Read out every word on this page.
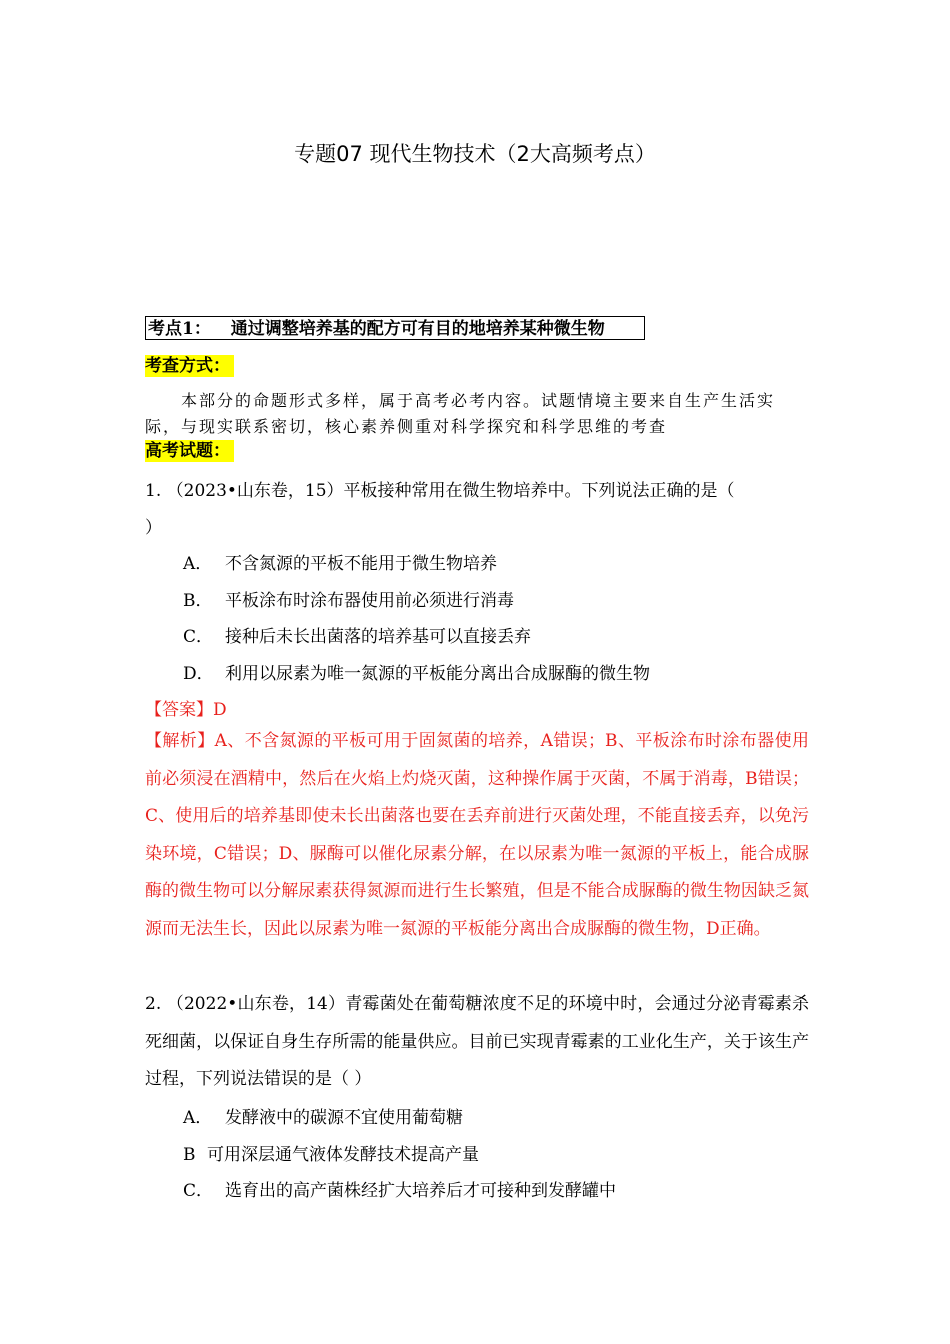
专题07 现代生物技术（2大高频考点）
考点1： 通过调整培养基的配方可有目的地培养某种微生物
考查方式：
本部分的命题形式多样，属于高考必考内容。试题情境主要来自生产生活实际，与现实联系密切，核心素养侧重对科学探究和科学思维的考查
高考试题：
1. （2023•山东卷，15）平板接种常用在微生物培养中。下列说法正确的是（
）
A． 不含氮源的平板不能用于微生物培养
B． 平板涂布时涂布器使用前必须进行消毒
C． 接种后未长出菌落的培养基可以直接丢弃
D． 利用以尿素为唯一氮源的平板能分离出合成脲酶的微生物
【答案】D
【解析】A、不含氮源的平板可用于固氮菌的培养，A错误；B、平板涂布时涂布器使用前必须浸在酒精中，然后在火焰上灼烧灭菌，这种操作属于灭菌，不属于消毒，B错误；C、使用后的培养基即使未长出菌落也要在丢弃前进行灭菌处理，不能直接丢弃，以免污染环境，C错误；D、脲酶可以催化尿素分解，在以尿素为唯一氮源的平板上，能合成脲酶的微生物可以分解尿素获得氮源而进行生长繁殖，但是不能合成脲酶的微生物因缺乏氮源而无法生长，因此以尿素为唯一氮源的平板能分离出合成脲酶的微生物，D正确。
2. （2022•山东卷，14）青霉菌处在葡萄糖浓度不足的环境中时，会通过分泌青霉素杀死细菌，以保证自身生存所需的能量供应。目前已实现青霉素的工业化生产，关于该生产过程，下列说法错误的是（ ）
A． 发酵液中的碳源不宜使用葡萄糖
B 可用深层通气液体发酵技术提高产量
C． 选育出的高产菌株经扩大培养后才可接种到发酵罐中
